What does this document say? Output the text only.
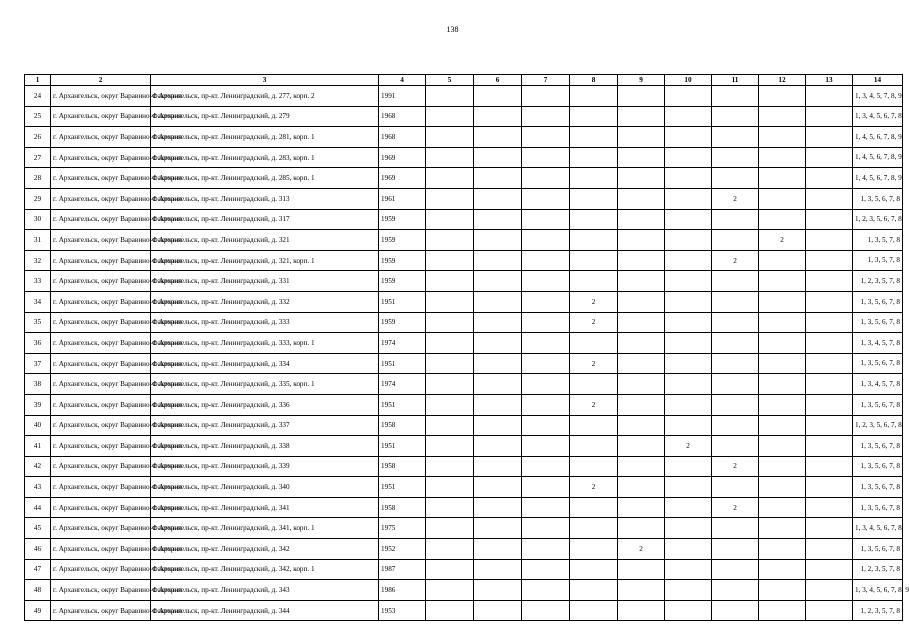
138
1	2	3	4	5	6	7	8	9	10	11	12	13	14
24	г. Архангельск, округ Варавино-Фактория	г. Архангельск, пр-кт. Ленинградский, д. 277, корп. 2	1991										1, 3, 4, 5, 7, 8, 9
25	г. Архангельск, округ Варавино-Фактория	г. Архангельск, пр-кт. Ленинградский, д. 279	1968										1, 3, 4, 5, 6, 7, 8
26	г. Архангельск, округ Варавино-Фактория	г. Архангельск, пр-кт. Ленинградский, д. 281, корп. 1	1968										1, 4, 5, 6, 7, 8, 9
27	г. Архангельск, округ Варавино-Фактория	г. Архангельск, пр-кт. Ленинградский, д. 283, корп. 1	1969										1, 4, 5, 6, 7, 8, 9
28	г. Архангельск, округ Варавино-Фактория	г. Архангельск, пр-кт. Ленинградский, д. 285, корп. 1	1969										1, 4, 5, 6, 7, 8, 9
29	г. Архангельск, округ Варавино-Фактория	г. Архангельск, пр-кт. Ленинградский, д. 313	1961							2			1, 3, 5, 6, 7, 8
30	г. Архангельск, округ Варавино-Фактория	г. Архангельск, пр-кт. Ленинградский, д. 317	1959										1, 2, 3, 5, 6, 7, 8
31	г. Архангельск, округ Варавино-Фактория	г. Архангельск, пр-кт. Ленинградский, д. 321	1959								2		1, 3, 5, 7, 8
32	г. Архангельск, округ Варавино-Фактория	г. Архангельск, пр-кт. Ленинградский, д. 321, корп. 1	1959							2			1, 3, 5, 7, 8
33	г. Архангельск, округ Варавино-Фактория	г. Архангельск, пр-кт. Ленинградский, д. 331	1959										1, 2, 3, 5, 7, 8
34	г. Архангельск, округ Варавино-Фактория	г. Архангельск, пр-кт. Ленинградский, д. 332	1951				2						1, 3, 5, 6, 7, 8
35	г. Архангельск, округ Варавино-Фактория	г. Архангельск, пр-кт. Ленинградский, д. 333	1959				2						1, 3, 5, 6, 7, 8
36	г. Архангельск, округ Варавино-Фактория	г. Архангельск, пр-кт. Ленинградский, д. 333, корп. 1	1974										1, 3, 4, 5, 7, 8
37	г. Архангельск, округ Варавино-Фактория	г. Архангельск, пр-кт. Ленинградский, д. 334	1951				2						1, 3, 5, 6, 7, 8
38	г. Архангельск, округ Варавино-Фактория	г. Архангельск, пр-кт. Ленинградский, д. 335, корп. 1	1974										1, 3, 4, 5, 7, 8
39	г. Архангельск, округ Варавино-Фактория	г. Архангельск, пр-кт. Ленинградский, д. 336	1951				2						1, 3, 5, 6, 7, 8
40	г. Архангельск, округ Варавино-Фактория	г. Архангельск, пр-кт. Ленинградский, д. 337	1958										1, 2, 3, 5, 6, 7, 8
41	г. Архангельск, округ Варавино-Фактория	г. Архангельск, пр-кт. Ленинградский, д. 338	1951						2				1, 3, 5, 6, 7, 8
42	г. Архангельск, округ Варавино-Фактория	г. Архангельск, пр-кт. Ленинградский, д. 339	1958							2			1, 3, 5, 6, 7, 8
43	г. Архангельск, округ Варавино-Фактория	г. Архангельск, пр-кт. Ленинградский, д. 340	1951				2						1, 3, 5, 6, 7, 8
44	г. Архангельск, округ Варавино-Фактория	г. Архангельск, пр-кт. Ленинградский, д. 341	1958							2			1, 3, 5, 6, 7, 8
45	г. Архангельск, округ Варавино-Фактория	г. Архангельск, пр-кт. Ленинградский, д. 341, корп. 1	1975										1, 3, 4, 5, 6, 7, 8
46	г. Архангельск, округ Варавино-Фактория	г. Архангельск, пр-кт. Ленинградский, д. 342	1952					2					1, 3, 5, 6, 7, 8
47	г. Архангельск, округ Варавино-Фактория	г. Архангельск, пр-кт. Ленинградский, д. 342, корп. 1	1987										1, 2, 3, 5, 7, 8
48	г. Архангельск, округ Варавино-Фактория	г. Архангельск, пр-кт. Ленинградский, д. 343	1986										1, 3, 4, 5, 6, 7, 8, 9
49	г. Архангельск, округ Варавино-Фактория	г. Архангельск, пр-кт. Ленинградский, д. 344	1953										1, 2, 3, 5, 7, 8
